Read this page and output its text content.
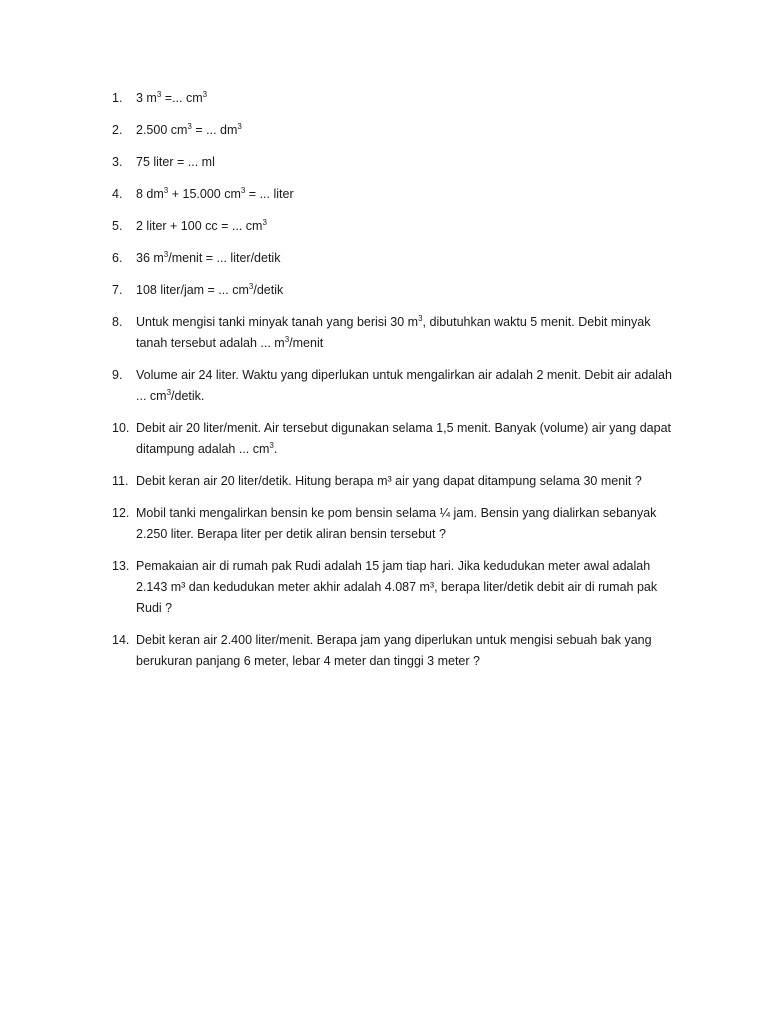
1.	3 $m^3$ =... $cm^3$
2.	2.500 $cm^3$ = ... $dm^3$
3.	75 liter = ... ml
4.	8 $dm^3 + 15.000$ $cm^3$ = ... liter
5.	2 liter + 100 cc = ... $cm^3$
6.	36 $m^3$/menit = ... liter/detik
7.	108 liter/jam = ... $cm^3$/detik
8.	Untuk mengisi tanki minyak tanah yang berisi 30 $m^3$, dibutuhkan waktu 5 menit. Debit minyak tanah tersebut adalah ... $m^3$/menit
9.	Volume air 24 liter. Waktu yang diperlukan untuk mengalirkan air adalah 2 menit. Debit air adalah ... $cm^3$/detik.
10. Debit air 20 liter/menit. Air tersebut digunakan selama 1,5 menit. Banyak (volume) air yang dapat ditampung adalah ... $cm^3$.
11. Debit keran air 20 liter/detik. Hitung berapa m³ air yang dapat ditampung selama 30 menit ?
12. Mobil tanki mengalirkan bensin ke pom bensin selama ¼ jam. Bensin yang dialirkan sebanyak 2.250 liter. Berapa liter per detik aliran bensin tersebut ?
13. Pemakaian air di rumah pak Rudi adalah 15 jam tiap hari. Jika kedudukan meter awal adalah 2.143 m³ dan kedudukan meter akhir adalah 4.087 m³, berapa liter/detik debit air di rumah pak Rudi ?
14. Debit keran air 2.400 liter/menit. Berapa jam yang diperlukan untuk mengisi sebuah bak yang berukuran panjang 6 meter, lebar 4 meter dan tinggi 3 meter ?
